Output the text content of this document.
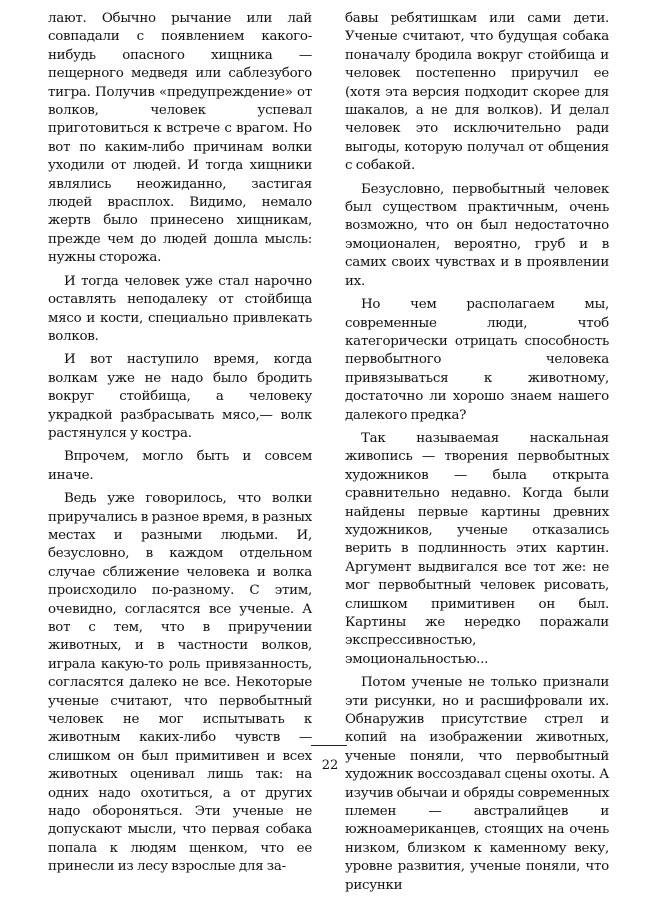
лают. Обычно рычание или лай совпадали с появлением какого-нибудь опасного хищника — пещерного медведя или саблезубого тигра. Получив «предупреждение» от волков, человек успевал приготовиться к встрече с врагом. Но вот по каким-либо причинам волки уходили от людей. И тогда хищники являлись неожиданно, застигая людей врасплох. Видимо, немало жертв было принесено хищникам, прежде чем до людей дошла мысль: нужны сторожа.

И тогда человек уже стал нарочно оставлять неподалеку от стойбища мясо и кости, специально привлекать волков.

И вот наступило время, когда волкам уже не надо было бродить вокруг стойбища, а человеку украдкой разбрасывать мясо,— волк растянулся у костра.

Впрочем, могло быть и совсем иначе.

Ведь уже говорилось, что волки приручались в разное время, в разных местах и разными людьми. И, безусловно, в каждом отдельном случае сближение человека и волка происходило по-разному. С этим, очевидно, согласятся все ученые. А вот с тем, что в приручении животных, и в частности волков, играла какую-то роль привязанность, согласятся далеко не все. Некоторые ученые считают, что первобытный человек не мог испытывать к животным каких-либо чувств — слишком он был примитивен и всех животных оценивал лишь так: на одних надо охотиться, а от других надо обороняться. Эти ученые не допускают мысли, что первая собака попала к людям щенком, что ее принесли из лесу взрослые для за-

бавы ребятишкам или сами дети. Ученые считают, что будущая собака поначалу бродила вокруг стойбища и человек постепенно приручил ее (хотя эта версия подходит скорее для шакалов, а не для волков). И делал человек это исключительно ради выгоды, которую получал от общения с собакой.

Безусловно, первобытный человек был существом практичным, очень возможно, что он был недостаточно эмоционален, вероятно, груб и в самих своих чувствах и в проявлении их.

Но чем располагаем мы, современные люди, чтоб категорически отрицать способность первобытного человека привязываться к животному, достаточно ли хорошо знаем нашего далекого предка?

Так называемая наскальная живопись — творения первобытных художников — была открыта сравнительно недавно. Когда были найдены первые картины древних художников, ученые отказались верить в подлинность этих картин. Аргумент выдвигался все тот же: не мог первобытный человек рисовать, слишком примитивен он был. Картины же нередко поражали экспрессивностью, эмоциональностью...

Потом ученые не только признали эти рисунки, но и расшифровали их. Обнаружив присутствие стрел и копий на изображении животных, ученые поняли, что первобытный художник воссоздавал сцены охоты. А изучив обычаи и обряды современных племен — австралийцев и южноамериканцев, стоящих на очень низком, близком к каменному веку, уровне развития, ученые поняли, что рисунки

22
